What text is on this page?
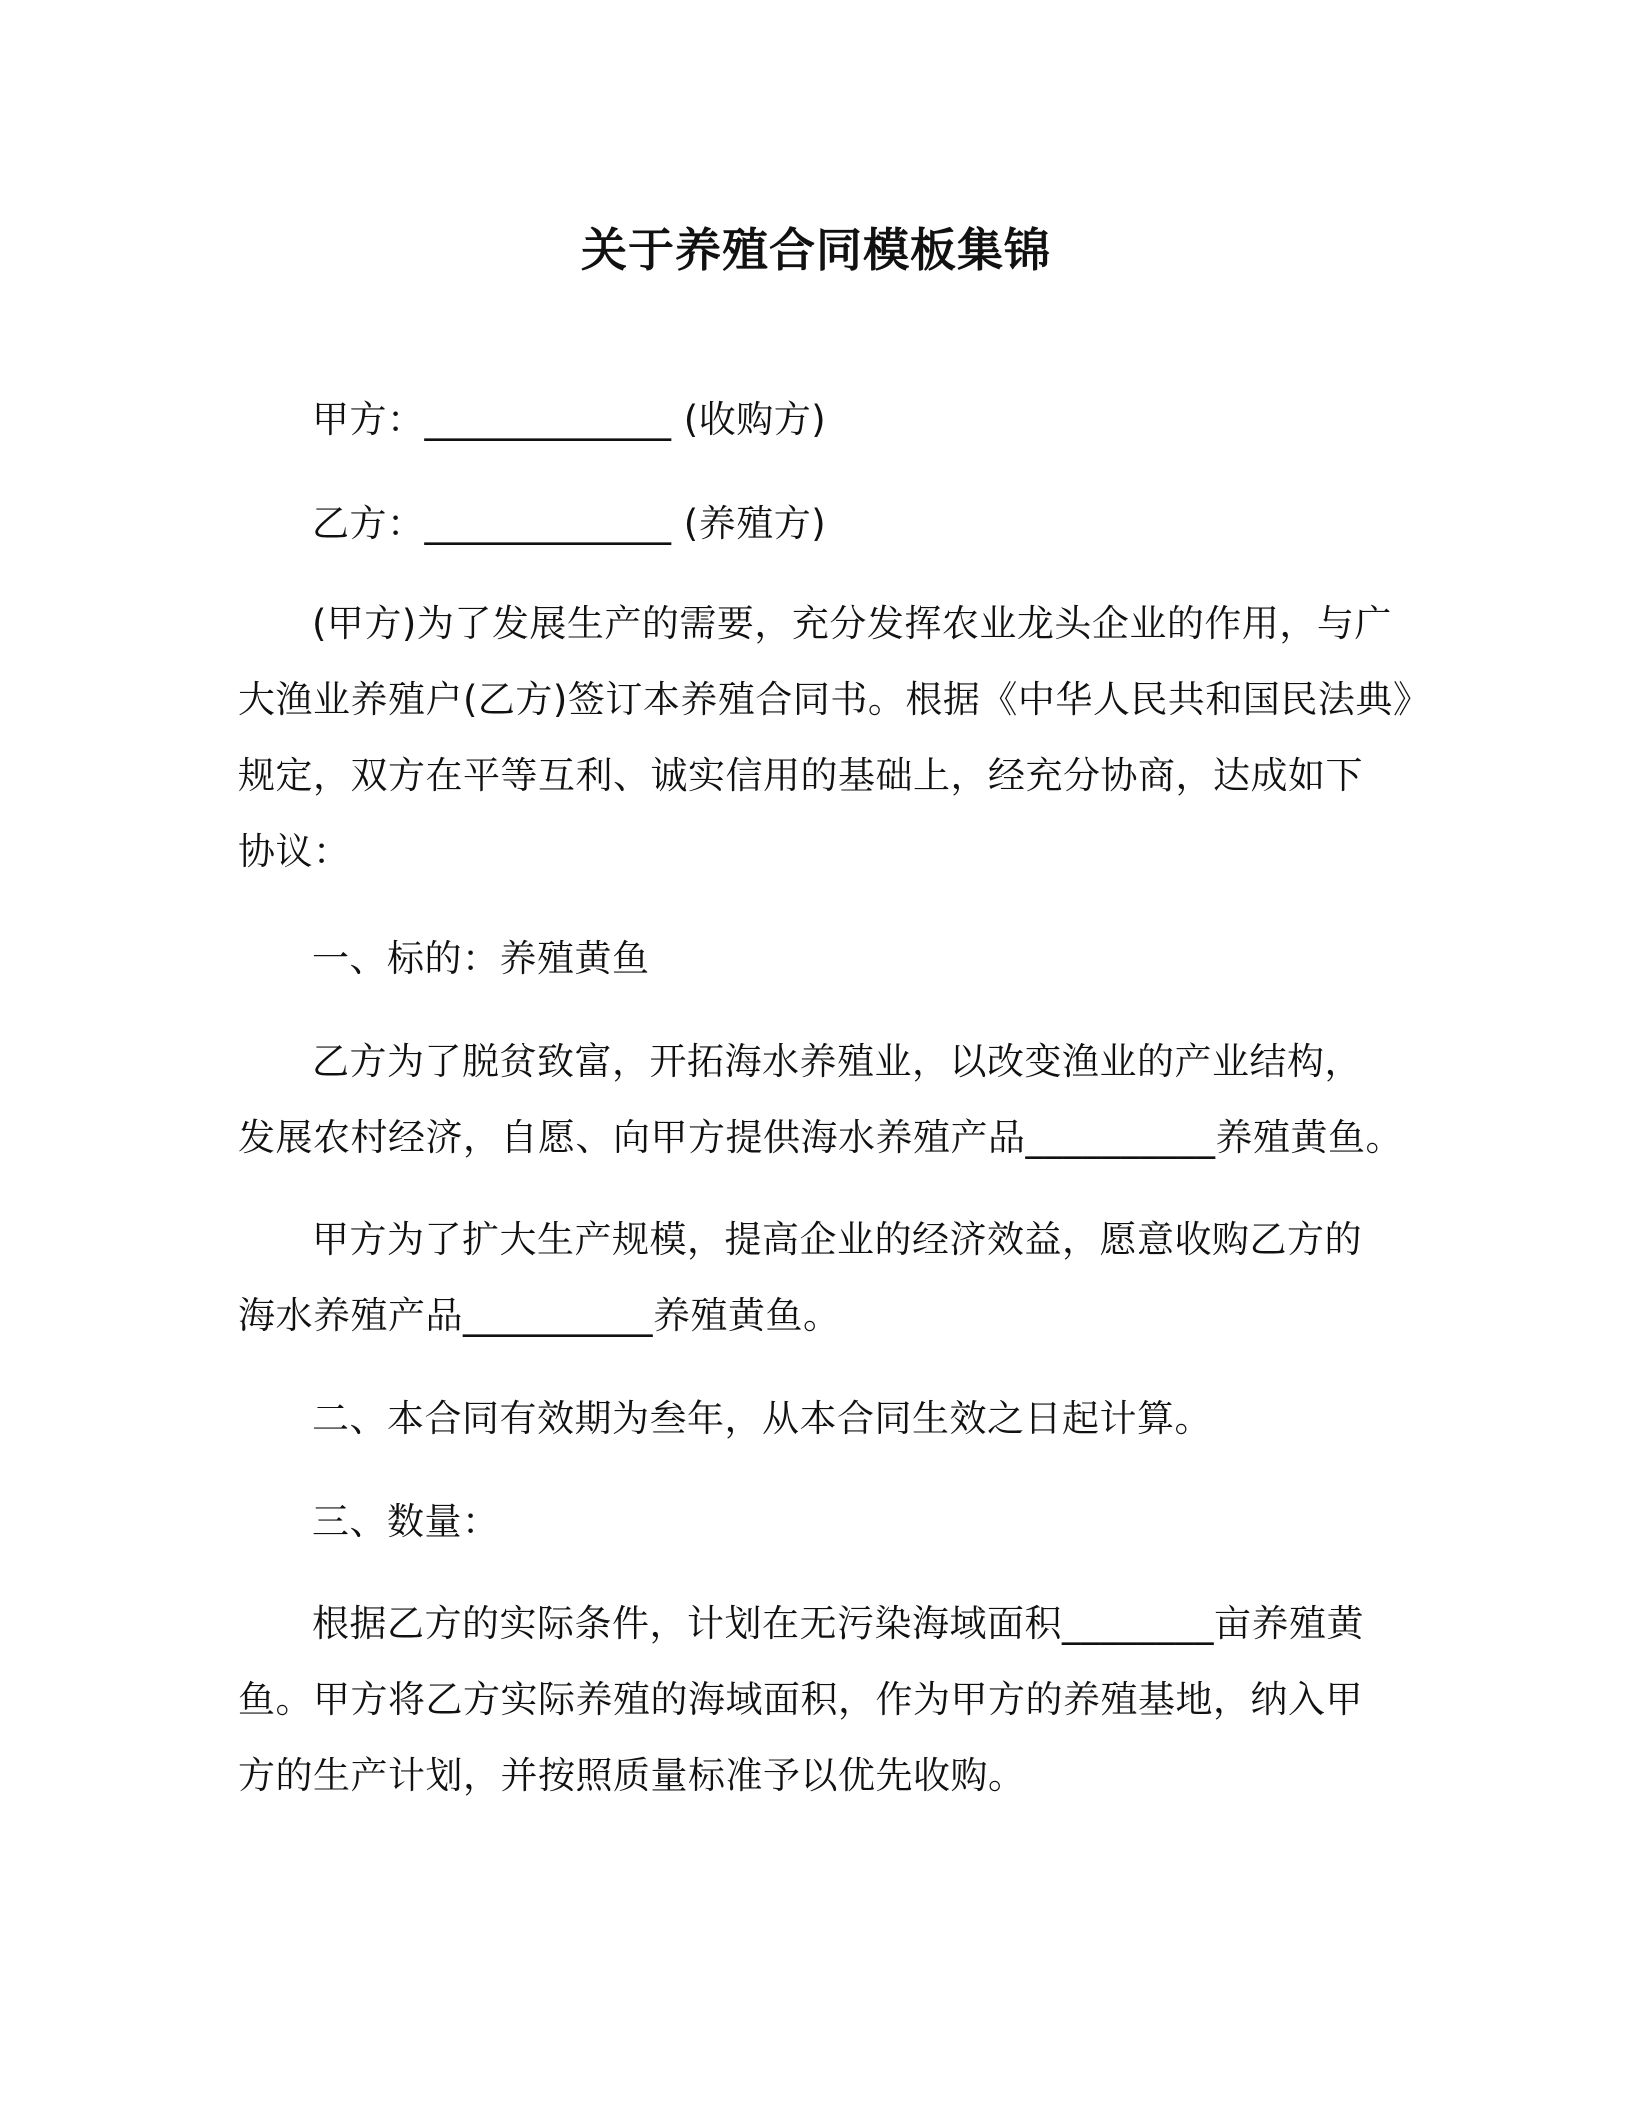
关于养殖合同模板集锦
甲方：_____________ (收购方)
乙方：_____________ (养殖方)
(甲方)为了发展生产的需要，充分发挥农业龙头企业的作用，与广
大渔业养殖户(乙方)签订本养殖合同书。根据《中华人民共和国民法典》
规定，双方在平等互利、诚实信用的基础上，经充分协商，达成如下
协议：
一、标的：养殖黄鱼
乙方为了脱贫致富，开拓海水养殖业，以改变渔业的产业结构，
发展农村经济，自愿、向甲方提供海水养殖产品__________养殖黄鱼。
甲方为了扩大生产规模，提高企业的经济效益，愿意收购乙方的
海水养殖产品__________养殖黄鱼。
二、本合同有效期为叁年，从本合同生效之日起计算。
三、数量：
根据乙方的实际条件，计划在无污染海域面积________亩养殖黄
鱼。甲方将乙方实际养殖的海域面积，作为甲方的养殖基地，纳入甲
方的生产计划，并按照质量标准予以优先收购。
